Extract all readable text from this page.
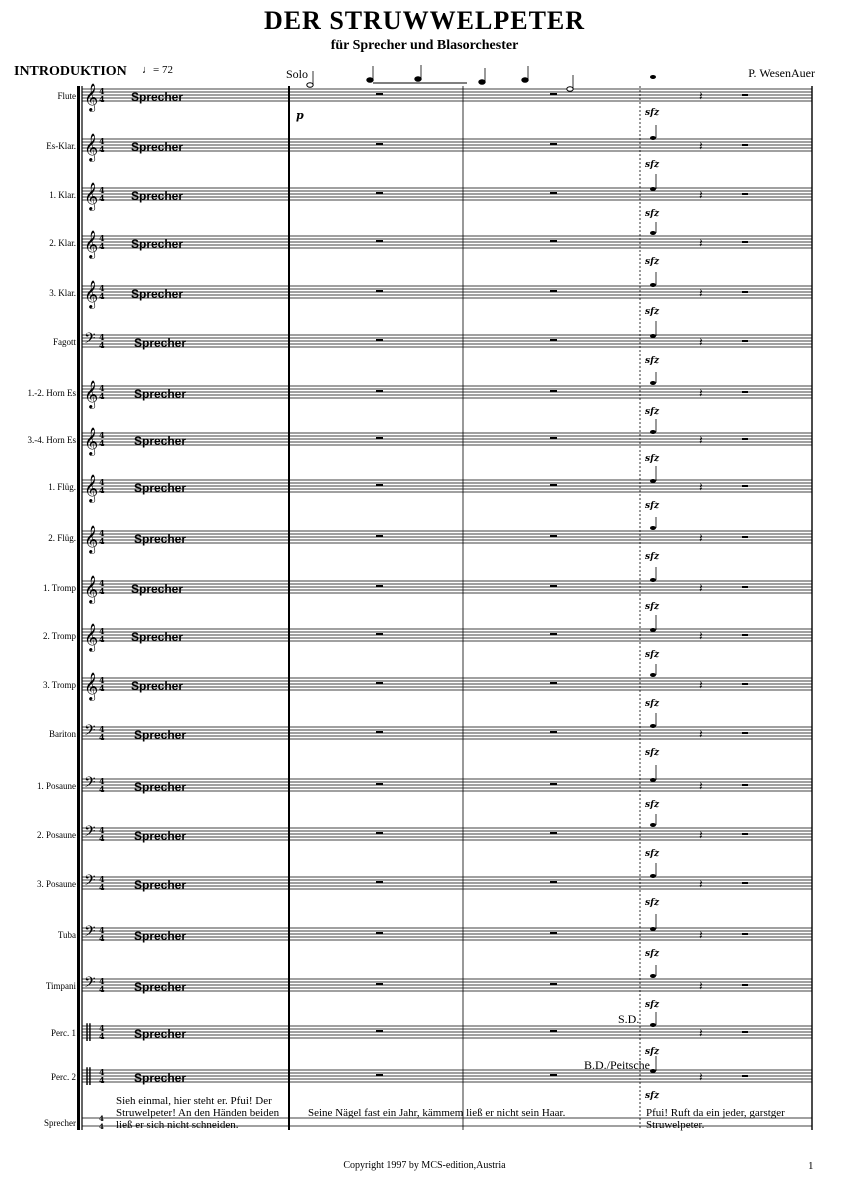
DER STRUWWELPETER
für Sprecher und Blasorchester
INTRODUKTION ♩= 72	Solo	P. WesenAuer
𝄞 4
4	𝄽
𝄞 4
4
sfz
𝄽
𝄞 4
4
sfz
𝄽
𝄞 4
4
sfz
𝄽
𝄞 4
4
sfz
𝄽
𝄢 4
4
sfz
𝄽
𝄞 4
4
sfz
𝄽
𝄞 4
4
sfz
𝄽
𝄞 4
4
sfz
𝄽
𝄞 4
4
sfz
𝄽
𝄞 4
4
sfz
𝄽
𝄞 4
4
sfz
𝄽
𝄞 4
4
sfz
𝄽
𝄢 4
4
sfz
𝄽
𝄢 4
4
sfz
𝄽
𝄢 4
4
sfz
𝄽
𝄢 4
4
sfz
𝄽
𝄢 4
4
sfz
𝄽
𝄢 4
4
sfz
𝄽
‖ 4
4
sfz
𝄽
‖ 4
4
sfz
𝄽
4
4
p	sfz
Sprecher
Flute
Sprecher
Es-Klar.
Sprecher
1. Klar.
Sprecher
2. Klar.
Sprecher
3. Klar.
Sprecher
Fagott
Sprecher
1.-2. Horn Es
Sprecher
3.-4. Horn Es
Sprecher
1. Flüg.
Sprecher
2. Flüg.
Sprecher
1. Tromp
Sprecher
2. Tromp
Sprecher
3. Tromp
Sprecher
Bariton
Sprecher
1. Posaune
Sprecher
2. Posaune
Sprecher
3. Posaune
Sprecher
Tuba
Sprecher
Timpani
Sprecher
Perc. 1
Sprecher
Perc. 2
S.D.
B.D./Peitsche
Sprecher
Sieh einmal, hier steht er. Pfui! Der Struwelpeter! An den Händen beiden ließ er sich nicht schneiden.
Seine Nägel fast ein Jahr, kämmem ließ er nicht sein Haar.	Pfui! Ruft da ein jeder, garstger Struwelpeter.
Copyright 1997 by MCS-edition,Austria	1
